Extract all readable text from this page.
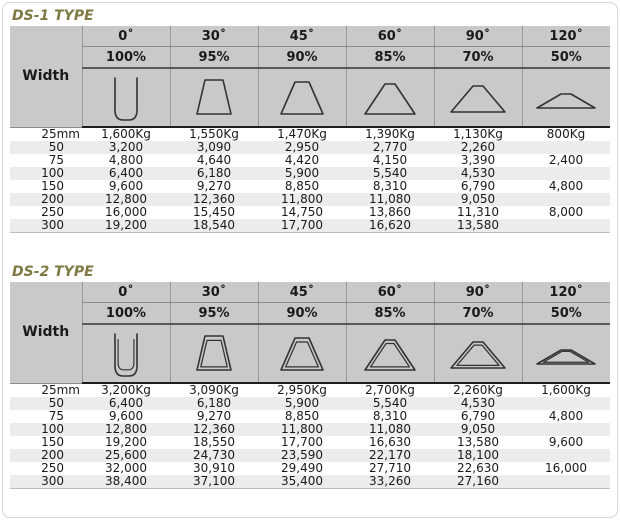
DS-1 TYPE
Width	0˚	30˚	45˚	60˚	90˚	120˚
	100%	95%	90%	85%	70%	50%

25mm	1,600Kg	1,550Kg	1,470Kg	1,390Kg	1,130Kg	800Kg
50	3,200	3,090	2,950	2,770	2,260	
75	4,800	4,640	4,420	4,150	3,390	2,400
100	6,400	6,180	5,900	5,540	4,530	
150	9,600	9,270	8,850	8,310	6,790	4,800
200	12,800	12,360	11,800	11,080	9,050	
250	16,000	15,450	14,750	13,860	11,310	8,000
300	19,200	18,540	17,700	16,620	13,580	
DS-2 TYPE
Width	0˚	30˚	45˚	60˚	90˚	120˚
	100%	95%	90%	85%	70%	50%

25mm	3,200Kg	3,090Kg	2,950Kg	2,700Kg	2,260Kg	1,600Kg
50	6,400	6,180	5,900	5,540	4,530	
75	9,600	9,270	8,850	8,310	6,790	4,800
100	12,800	12,360	11,800	11,080	9,050	
150	19,200	18,550	17,700	16,630	13,580	9,600
200	25,600	24,730	23,590	22,170	18,100	
250	32,000	30,910	29,490	27,710	22,630	16,000
300	38,400	37,100	35,400	33,260	27,160	
